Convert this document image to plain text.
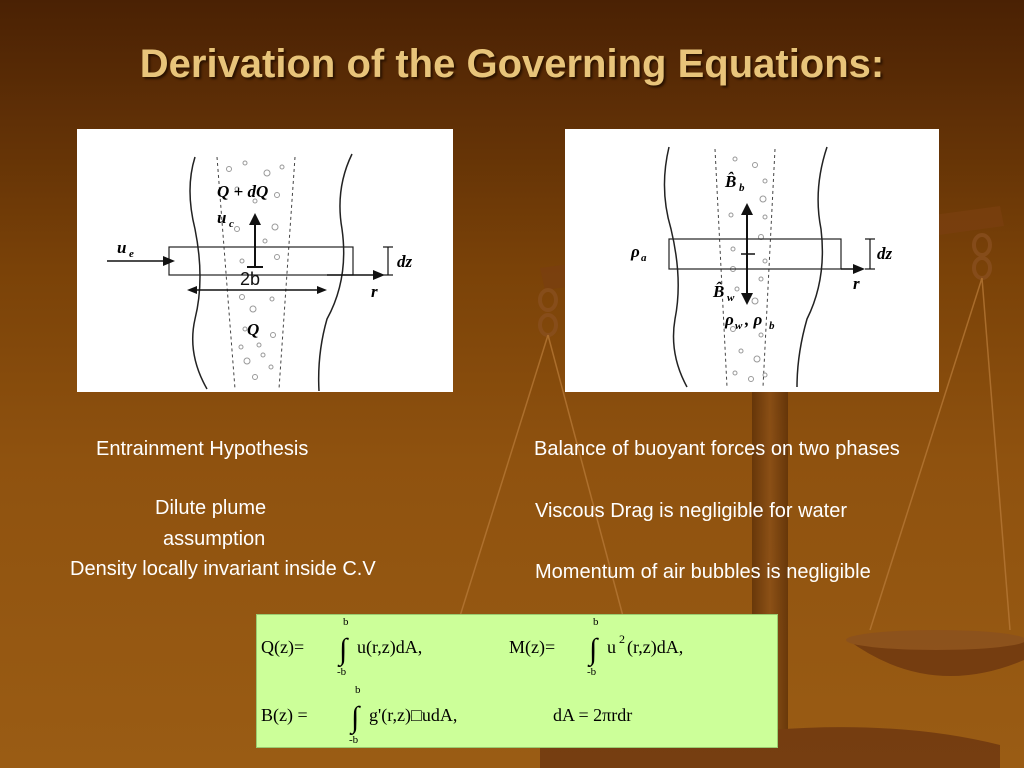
Derivation of the Governing Equations:
Q + dQ
u c
u e
2b
dz
r
Q
B̂ b
ρ a
B̂ w
ρ w , ρ b
dz
r
Entrainment Hypothesis
Dilute plume
assumption
Density locally invariant inside C.V
Balance of buoyant forces on two phases
Viscous Drag is negligible for water
Momentum of air bubbles is negligible
Q(z)=
b
∫
-b
u(r,z)dA,	M(z)=
b
∫
-b
u 2 (r,z)dA,
B(z) =
b
∫
-b
g'(r,z)□udA,	dA = 2πrdr
